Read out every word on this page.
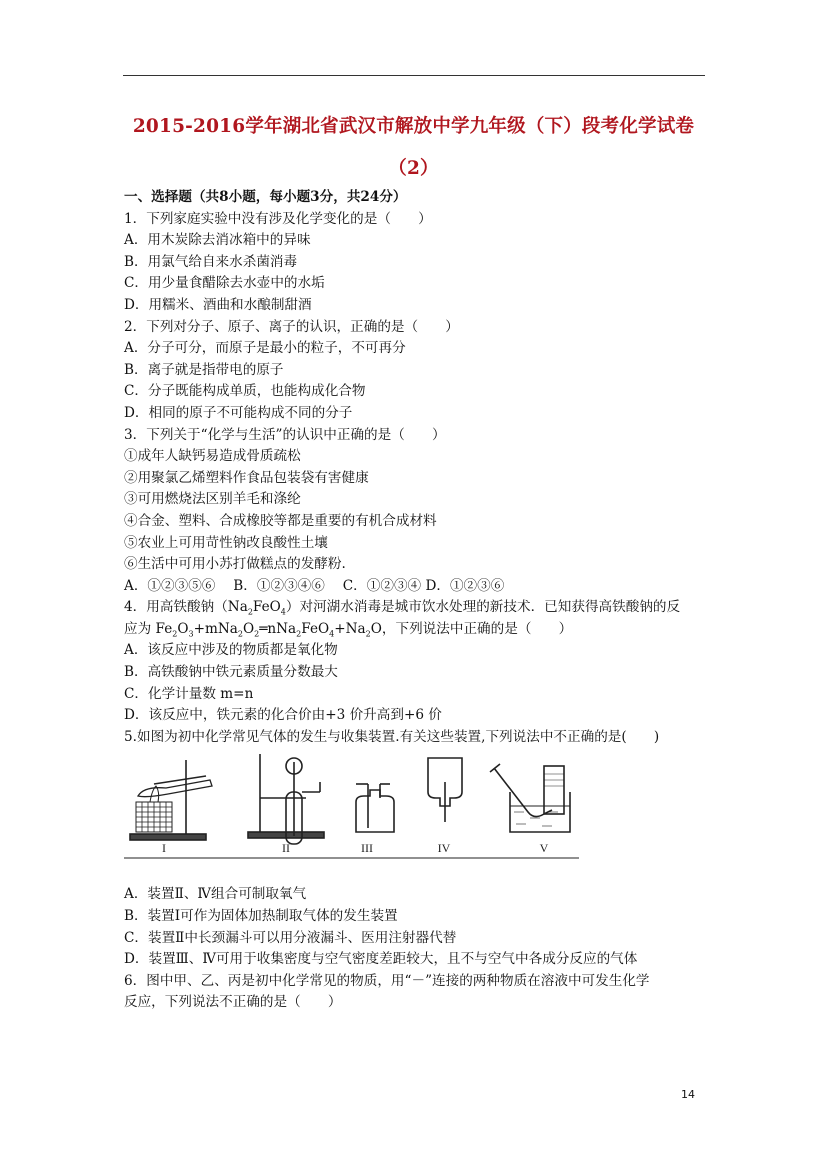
2015-2016学年湖北省武汉市解放中学九年级（下）段考化学试卷
（2）
一、选择题（共8小题，每小题3分，共24分）
1．下列家庭实验中没有涉及化学变化的是（　　）
A．用木炭除去消冰箱中的异味
B．用氯气给自来水杀菌消毒
C．用少量食醋除去水壶中的水垢
D．用糯米、酒曲和水酿制甜酒
2．下列对分子、原子、离子的认识，正确的是（　　）
A．分子可分，而原子是最小的粒子，不可再分
B．离子就是指带电的原子
C．分子既能构成单质，也能构成化合物
D．相同的原子不可能构成不同的分子
3．下列关于“化学与生活”的认识中正确的是（　　）
①成年人缺钙易造成骨质疏松
②用聚氯乙烯塑料作食品包装袋有害健康
③可用燃烧法区别羊毛和涤纶
④合金、塑料、合成橡胶等都是重要的有机合成材料
⑤农业上可用苛性钠改良酸性土壤
⑥生活中可用小苏打做糕点的发酵粉.
A．①②③⑤⑥　 B．①②③④⑥　 C．①②③④ D．①②③⑥
4．用高铁酸钠$(Na_2FeO_4)$对河湖水消毒是城市饮水处理的新技术．已知获得高铁酸钠的反
应为 $Fe_2O_3+mNa_2O_2═nNa_2FeO_4+Na_2O$，下列说法中正确的是（　　）
A．该反应中涉及的物质都是氧化物
B．高铁酸钠中铁元素质量分数最大
C．化学计量数 m=n
D．该反应中，铁元素的化合价由+3 价升高到+6 价
5.如图为初中化学常见气体的发生与收集装置.有关这些装置,下列说法中不正确的是(　　)
I	II	III	IV	V
A．装置Ⅱ、Ⅳ组合可制取氧气
B．装置Ⅰ可作为固体加热制取气体的发生装置
C．装置Ⅱ中长颈漏斗可以用分液漏斗、医用注射器代替
D．装置Ⅲ、Ⅳ可用于收集密度与空气密度差距较大，且不与空气中各成分反应的气体
6．图中甲、乙、丙是初中化学常见的物质，用“－”连接的两种物质在溶液中可发生化学
反应，下列说法不正确的是（　　）
14
